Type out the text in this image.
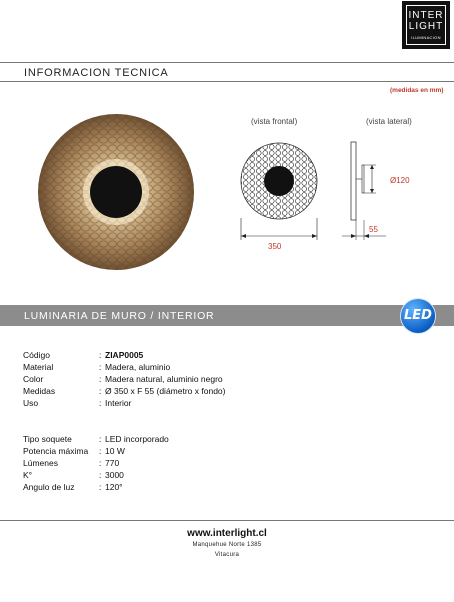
INTER
LIGHT
ILUMINACION
INFORMACION TECNICA
(medidas en mm)
(vista frontal)	(vista lateral)
350
Ø120
55
LUMINARIA DE MURO / INTERIOR	LED
Código	: ZIAP0005
Material	: Madera, aluminio
Color	: Madera natural, aluminio negro
Medidas	: Ø 350 x F 55 (diámetro x fondo)
Uso	: Interior
Tipo soquete	: LED incorporado
Potencia máxima : 10 W
Lúmenes	: 770
K°	: 3000
Angulo de luz	: 120°
www.interlight.cl
Manquehue Norte 1385
Vitacura
